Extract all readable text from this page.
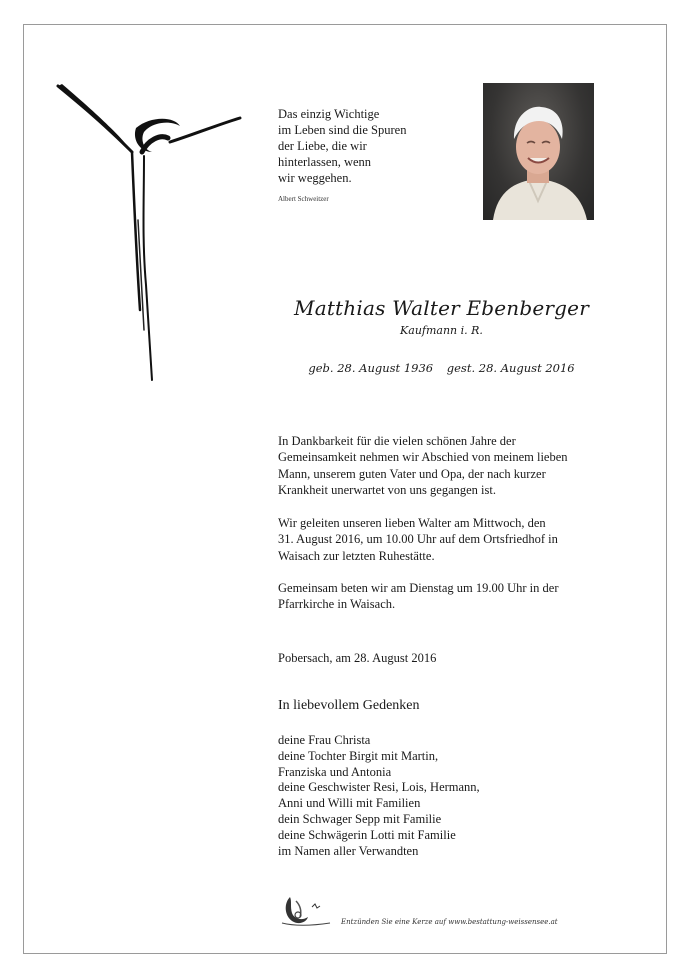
Das einzig Wichtige
im Leben sind die Spuren
der Liebe, die wir
hinterlassen, wenn
wir weggehen.
Albert Schweitzer
Matthias Walter Ebenberger
Kaufmann i. R.
geb. 28. August 1936 gest. 28. August 2016
In Dankbarkeit für die vielen schönen Jahre der
Gemeinsamkeit nehmen wir Abschied von meinem lieben
Mann, unserem guten Vater und Opa, der nach kurzer
Krankheit unerwartet von uns gegangen ist.
Wir geleiten unseren lieben Walter am Mittwoch, den
31. August 2016, um 10.00 Uhr auf dem Ortsfriedhof in
Waisach zur letzten Ruhestätte.
Gemeinsam beten wir am Dienstag um 19.00 Uhr in der
Pfarrkirche in Waisach.
Pobersach, am 28. August 2016
In liebevollem Gedenken
deine Frau Christa
deine Tochter Birgit mit Martin,
Franziska und Antonia
deine Geschwister Resi, Lois, Hermann,
Anni und Willi mit Familien
dein Schwager Sepp mit Familie
deine Schwägerin Lotti mit Familie
im Namen aller Verwandten
Entzünden Sie eine Kerze auf www.bestattung-weissensee.at
